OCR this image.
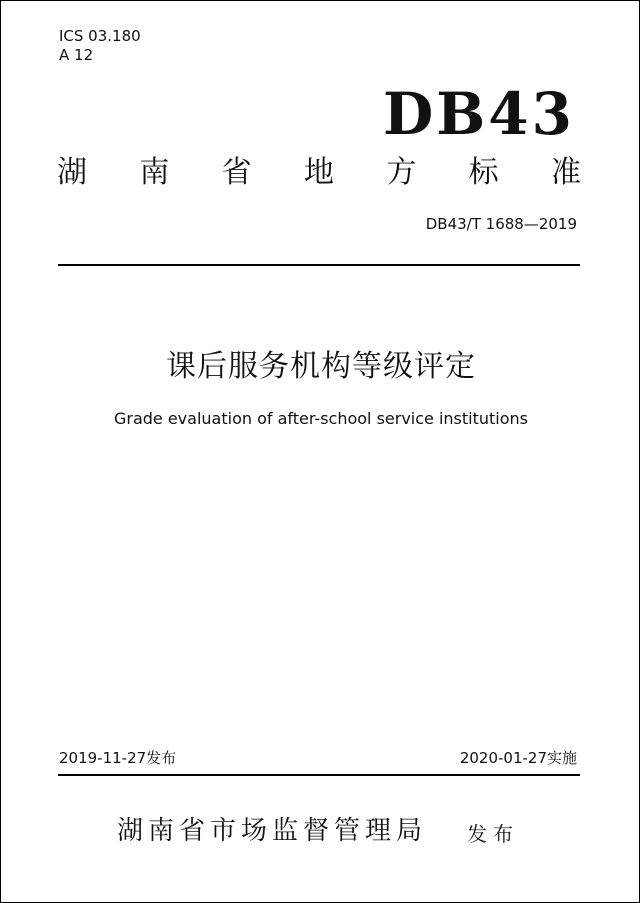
ICS 03.180
A 12
DB43
湖 南 省 地 方 标 准
DB43/T 1688—2019
课后服务机构等级评定
Grade evaluation of after-school service institutions
2019-11-27发布	2020-01-27实施
湖南省市场监督管理局 发布
